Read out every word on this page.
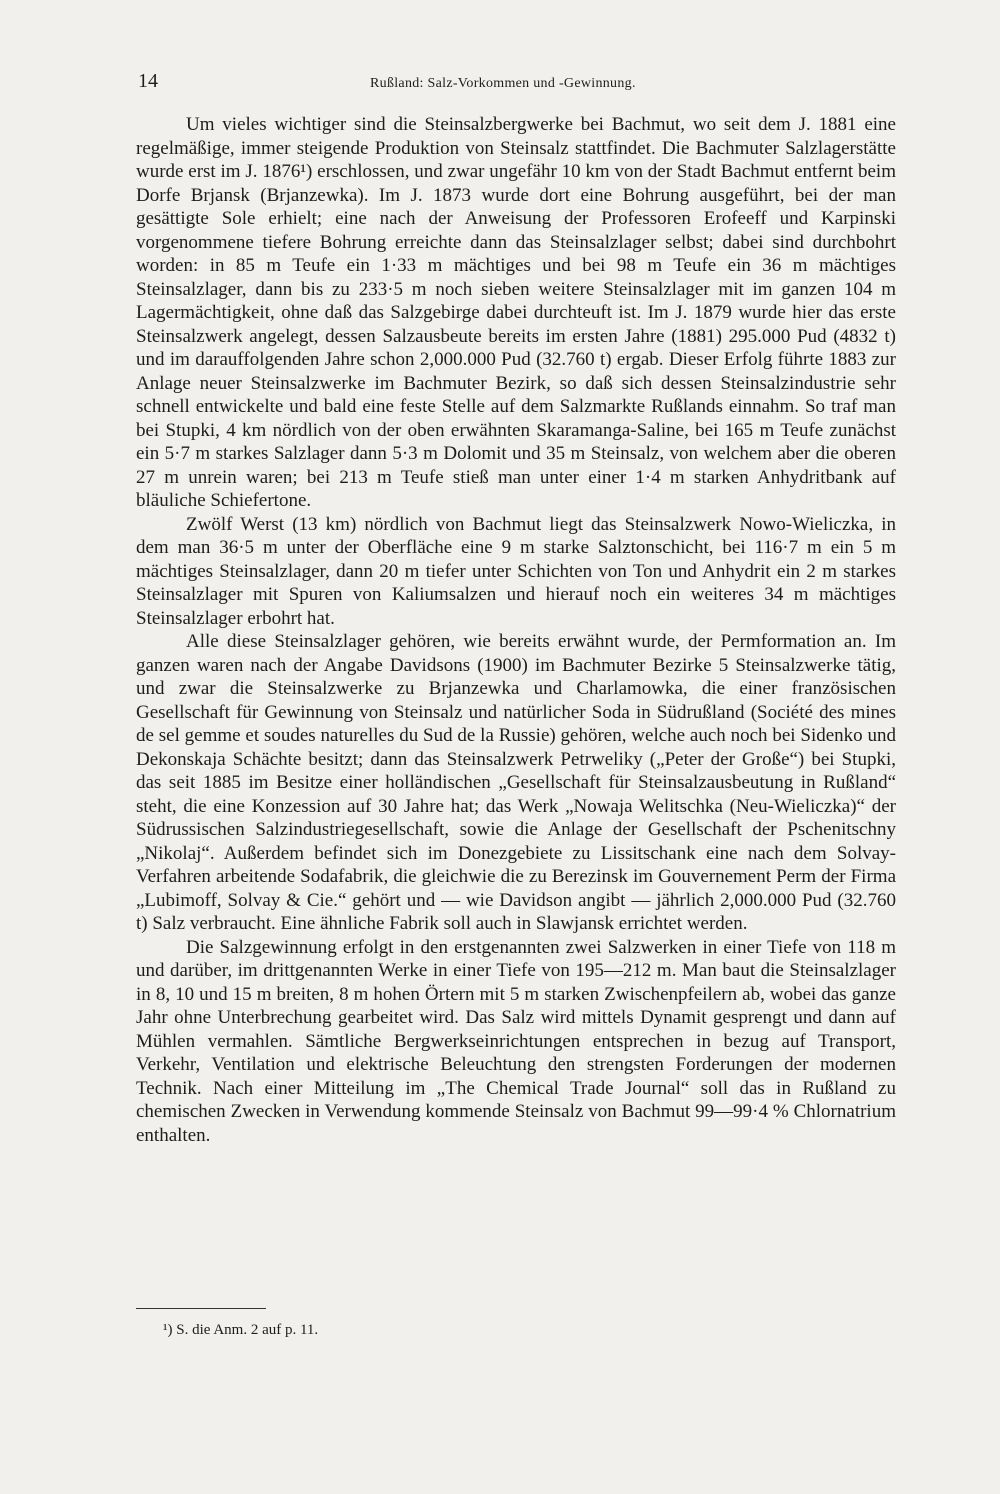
14	Rußland: Salz-Vorkommen und -Gewinnung.

Um vieles wichtiger sind die Steinsalzbergwerke bei Bachmut, wo seit dem J. 1881 eine regelmäßige, immer steigende Produktion von Steinsalz stattfindet. Die Bachmuter Salzlagerstätte wurde erst im J. 1876¹) erschlossen, und zwar ungefähr 10 km von der Stadt Bachmut entfernt beim Dorfe Brjansk (Brjanzewka). Im J. 1873 wurde dort eine Bohrung ausgeführt, bei der man gesättigte Sole erhielt; eine nach der Anweisung der Professoren Erofeeff und Karpinski vorgenommene tiefere Bohrung erreichte dann das Steinsalzlager selbst; dabei sind durchbohrt worden: in 85 m Teufe ein 1·33 m mächtiges und bei 98 m Teufe ein 36 m mächtiges Steinsalzlager, dann bis zu 233·5 m noch sieben weitere Steinsalzlager mit im ganzen 104 m Lagermächtigkeit, ohne daß das Salzgebirge dabei durchteuft ist. Im J. 1879 wurde hier das erste Steinsalzwerk angelegt, dessen Salzausbeute bereits im ersten Jahre (1881) 295.000 Pud (4832 t) und im darauffolgenden Jahre schon 2,000.000 Pud (32.760 t) ergab. Dieser Erfolg führte 1883 zur Anlage neuer Steinsalzwerke im Bachmuter Bezirk, so daß sich dessen Steinsalzindustrie sehr schnell entwickelte und bald eine feste Stelle auf dem Salzmarkte Rußlands einnahm. So traf man bei Stupki, 4 km nördlich von der oben erwähnten Skaramanga-Saline, bei 165 m Teufe zunächst ein 5·7 m starkes Salzlager dann 5·3 m Dolomit und 35 m Steinsalz, von welchem aber die oberen 27 m unrein waren; bei 213 m Teufe stieß man unter einer 1·4 m starken Anhydritbank auf bläuliche Schiefertone.

Zwölf Werst (13 km) nördlich von Bachmut liegt das Steinsalzwerk Nowo-Wieliczka, in dem man 36·5 m unter der Oberfläche eine 9 m starke Salztonschicht, bei 116·7 m ein 5 m mächtiges Steinsalzlager, dann 20 m tiefer unter Schichten von Ton und Anhydrit ein 2 m starkes Steinsalzlager mit Spuren von Kaliumsalzen und hierauf noch ein weiteres 34 m mächtiges Steinsalzlager erbohrt hat.

Alle diese Steinsalzlager gehören, wie bereits erwähnt wurde, der Permformation an. Im ganzen waren nach der Angabe Davidsons (1900) im Bachmuter Bezirke 5 Steinsalzwerke tätig, und zwar die Steinsalzwerke zu Brjanzewka und Charlamowka, die einer französischen Gesellschaft für Gewinnung von Steinsalz und natürlicher Soda in Südrußland (Société des mines de sel gemme et soudes naturelles du Sud de la Russie) gehören, welche auch noch bei Sidenko und Dekonskaja Schächte besitzt; dann das Steinsalzwerk Petrweliky („Peter der Große“) bei Stupki, das seit 1885 im Besitze einer holländischen „Gesellschaft für Steinsalzausbeutung in Rußland“ steht, die eine Konzession auf 30 Jahre hat; das Werk „Nowaja Welitschka (Neu-Wieliczka)“ der Südrussischen Salzindustriegesellschaft, sowie die Anlage der Gesellschaft der Pschenitschny „Nikolaj“. Außerdem befindet sich im Donezgebiete zu Lissitschank eine nach dem Solvay-Verfahren arbeitende Sodafabrik, die gleichwie die zu Berezinsk im Gouvernement Perm der Firma „Lubimoff, Solvay & Cie.“ gehört und — wie Davidson angibt — jährlich 2,000.000 Pud (32.760 t) Salz verbraucht. Eine ähnliche Fabrik soll auch in Slawjansk errichtet werden.

Die Salzgewinnung erfolgt in den erstgenannten zwei Salzwerken in einer Tiefe von 118 m und darüber, im drittgenannten Werke in einer Tiefe von 195—212 m. Man baut die Steinsalzlager in 8, 10 und 15 m breiten, 8 m hohen Örtern mit 5 m starken Zwischenpfeilern ab, wobei das ganze Jahr ohne Unterbrechung gearbeitet wird. Das Salz wird mittels Dynamit gesprengt und dann auf Mühlen vermahlen. Sämtliche Bergwerkseinrichtungen entsprechen in bezug auf Transport, Verkehr, Ventilation und elektrische Beleuchtung den strengsten Forderungen der modernen Technik. Nach einer Mitteilung im „The Chemical Trade Journal“ soll das in Rußland zu chemischen Zwecken in Verwendung kommende Steinsalz von Bachmut 99—99·4 % Chlornatrium enthalten.

¹) S. die Anm. 2 auf p. 11.
